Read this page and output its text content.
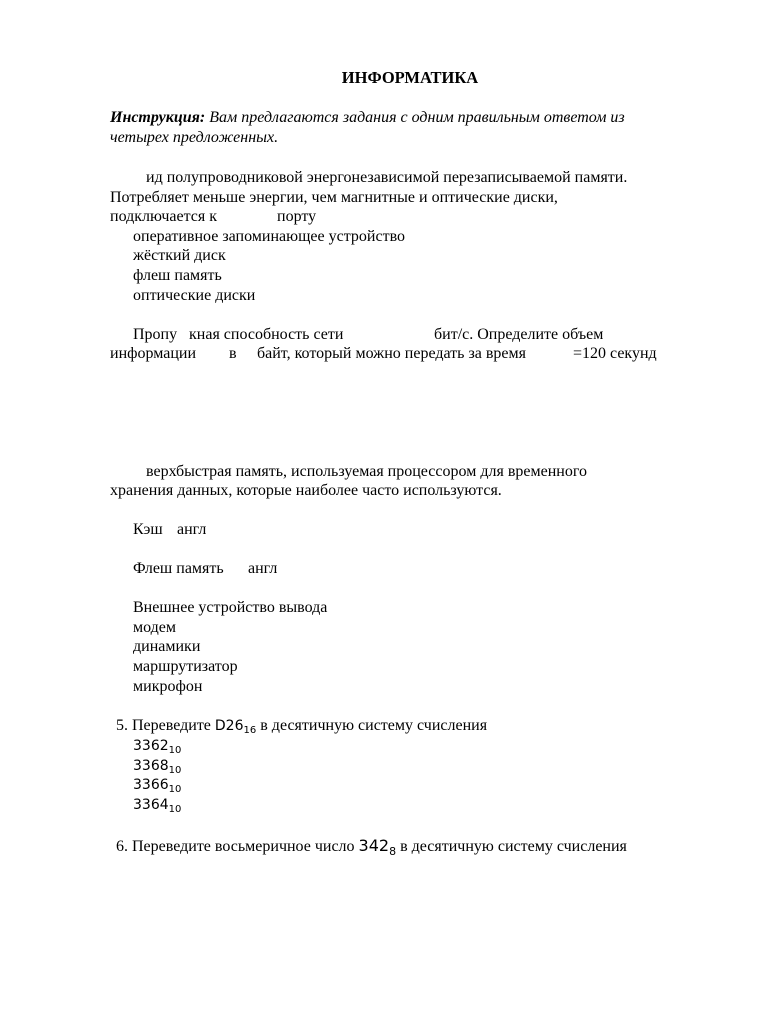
ИНФОРМАТИКА
Инструкция: Вам предлагаются задания с одним правильным ответом из
четырех предложенных.
ид полупроводниковой энергонезависимой перезаписываемой памяти.
Потребляет меньше энергии, чем магнитные и оптические диски,
подключается к	порту
оперативное запоминающее устройство
жёсткий диск
флеш память
оптические диски
Пропу кная способность сети	бит/с. Определите объем
информации в байт, который можно передать за время	=120 секунд
верхбыстрая память, используемая процессором для временного
хранения данных, которые наиболее часто используются.
Кэш англ
Флеш память англ
Внешнее устройство вывода
модем
динамики
маршрутизатор
микрофон
5. Переведите $D26_{16}$ в десятичную систему счисления
$3362_{10}$
$3368_{10}$
$3366_{10}$
$3364_{10}$
6. Переведите восьмеричное число $342_8$ в десятичную систему счисления
